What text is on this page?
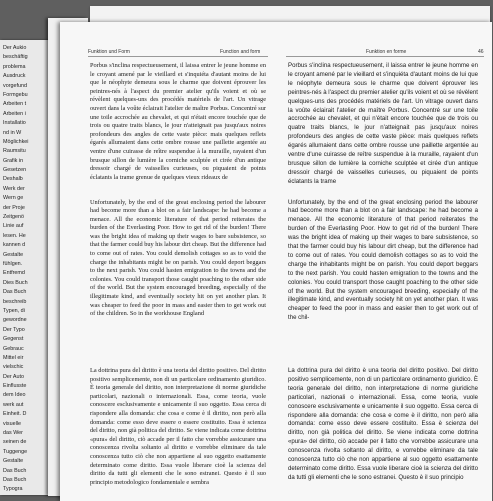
Der Aukio
beschäftig
problema
Ausdruck
vorgefund
Formgebu
Arbeiten t
Arbeiten i
Installatio
nd in W
Möglichkei
Raumsitu
Grafik in
Gesetzen
Deshalb
Werk der
Wern ge
der Proje
Zeitgenö
Linie auf
lesen. He
kannen d
Gestalte
fühlgen.
Entfremd
Dies Buch
Das Buch
beschreib
Typen, di
gewordne
Der Typo
Gegenst
Gebrauc
Mittel eir
vielschic
Der Auto
Einflusste
dem Ideo
werk aut
Einheit. D
visuelle
das Wer
seinen de
Tuggenge
Gestalte
Das Buch
Das Buch
Typogra
Funktion und Form	Function and form	Funktion en forme	46

Porbus s'inclina respectueusement, il laissa entrer le jeune homme en le croyant amené par le vieillard et s'inquiéta d'autant moins de lui que le néophyte demeura sous le charme que doivent éprouver les peintres-nés à l'aspect du premier atelier qu'ils voient et où se révèlent quelques-uns des procédés matériels de l'art. Un vitrage ouvert dans la voûte éclairait l'atelier de maître Porbus. Concentré sur une toile accrochée au chevalet, et qui n'était encore touchée que de trois ou quatre traits blancs, le jour n'atteignait pas jusqu'aux noires profondeurs des angles de cette vaste pièce: mais quelques reflets égarés allumaient dans cette ombre rousse une paillette argentée au ventre d'une cuirasse de reître suspendue à la muraille, rayaient d'un brusque sillon de lumière la corniche sculptée et cirée d'un antique dressoir chargé de vaisselles curieuses, ou piquaient de points éclatants la trame grenue de quelques vieux rideaux de

Unfortunately, by the end of the great enclosing period the labourer had become more than a blot on a fair landscape: he had become a menace. All the economic literature of that period reiterates the burden of the Everlasting Poor. How to get rid of the burden! There was the bright idea of making up their wages to bare subsistence, so that the farmer could buy his labour dirt cheap. But the difference had to come out of rates. You could demolish cottages so as to void the charge the inhabitants might be on parish. You could deport beggars to the next parish. You could hasten emigration to the towns and the colonies. You could transport those caught poaching to the other side of the world. But the system encouraged breeding, especially of the illegitimate kind, and eventually society hit on yet another plan. It was cheaper to feed the poor in mass and easier then to get work out of the children. So in the workhouse England

La dottrina pura del diritto è una teoria del diritto positivo. Del diritto positivo semplicemente, non di un particolare ordinamento giuridico. È teoria generale del diritto, non interpretazione di norme giuridiche particolari, nazionali o internazionali. Essa, come teoria, vuole conoscere esclusivamente e unicamente il suo oggetto. Essa cerca di rispondere alla domanda: che cosa e come è il diritto, non però alla domanda: come esso deve essere o essere costituito. Essa è scienza del diritto, non già politica del diritto. Se viene indicata come dottrina «pura» del diritto, ciò accade per il fatto che vorrebbe assicurare una conoscenza rivolta soltanto al diritto e vorrebbe eliminare da tale conoscenza tutto ciò che non appartiene al suo oggetto esattamente determinato come diritto. Essa vuole liberare cioè la scienza del diritto da tutti gli elementi che le sono estranei. Questo è il suo principio metodologico fondamentale e sembra

Porbus s'inclina respectueusement, il laissa entrer le jeune homme en le croyant amené par le vieillard et s'inquiéta d'autant moins de lui que le néophyte demeura sous le charme que doivent éprouver les peintres-nés à l'aspect du premier atelier qu'ils voient et où se révèlent quelques-uns des procédés matériels de l'art. Un vitrage ouvert dans la voûte éclairait l'atelier de maître Porbus. Concentré sur une toile accrochée au chevalet, et qui n'était encore touchée que de trois ou quatre traits blancs, le jour n'atteignait pas jusqu'aux noires profondeurs des angles de cette vaste pièce: mais quelques reflets égarés allumaient dans cette ombre rousse une paillette argentée au ventre d'une cuirasse de reître suspendue à la muraille, rayaient d'un brusque sillon de lumière la corniche sculptée et cirée d'un antique dressoir chargé de vaisselles curieuses, ou piquaient de points éclatants la trame

Unfortunately, by the end of the great enclosing period the labourer had become more than a blot on a fair landscape: he had become a menace. All the economic literature of that period reiterates the burden of the Everlasting Poor. How to get rid of the burden! There was the bright idea of making up their wages to bare subsistence, so that the farmer could buy his labour dirt cheap, but the difference had to come out of rates. You could demolish cottages so as to void the charge the inhabitants might be on parish. You could deport beggars to the next parish. You could hasten emigration to the towns and the colonies. You could transport those caught poaching to the other side of the world. But the system encouraged breeding, especially of the illegitimate kind, and eventually society hit on yet another plan. It was cheaper to feed the poor in mass and easier then to get work out of the chil-

La dottrina pura del diritto è una teoria del diritto positivo. Del diritto positivo semplicemente, non di un particolare ordinamento giuridico. È teoria generale del diritto, non interpretazione di norme giuridiche particolari, nazionali o internazionali. Essa, come teoria, vuole conoscere esclusivamente e unicamente il suo oggetto. Essa cerca di rispondere alla domanda: che cosa e come è il diritto, non però alla domanda: come esso deve essere costituito. Essa è scienza del diritto, non già politica del diritto. Se viene indicata come dottrina «pura» del diritto, ciò accade per il fatto che vorrebbe assicurare una conoscenza rivolta soltanto al diritto, e vorrebbe eliminare da tale conoscenza tutto ciò che non appartiene al suo oggetto esattamente determinato come diritto. Essa vuole liberare cioè la scienza del diritto da tutti gli elementi che le sono estranei. Questo è il suo principio
